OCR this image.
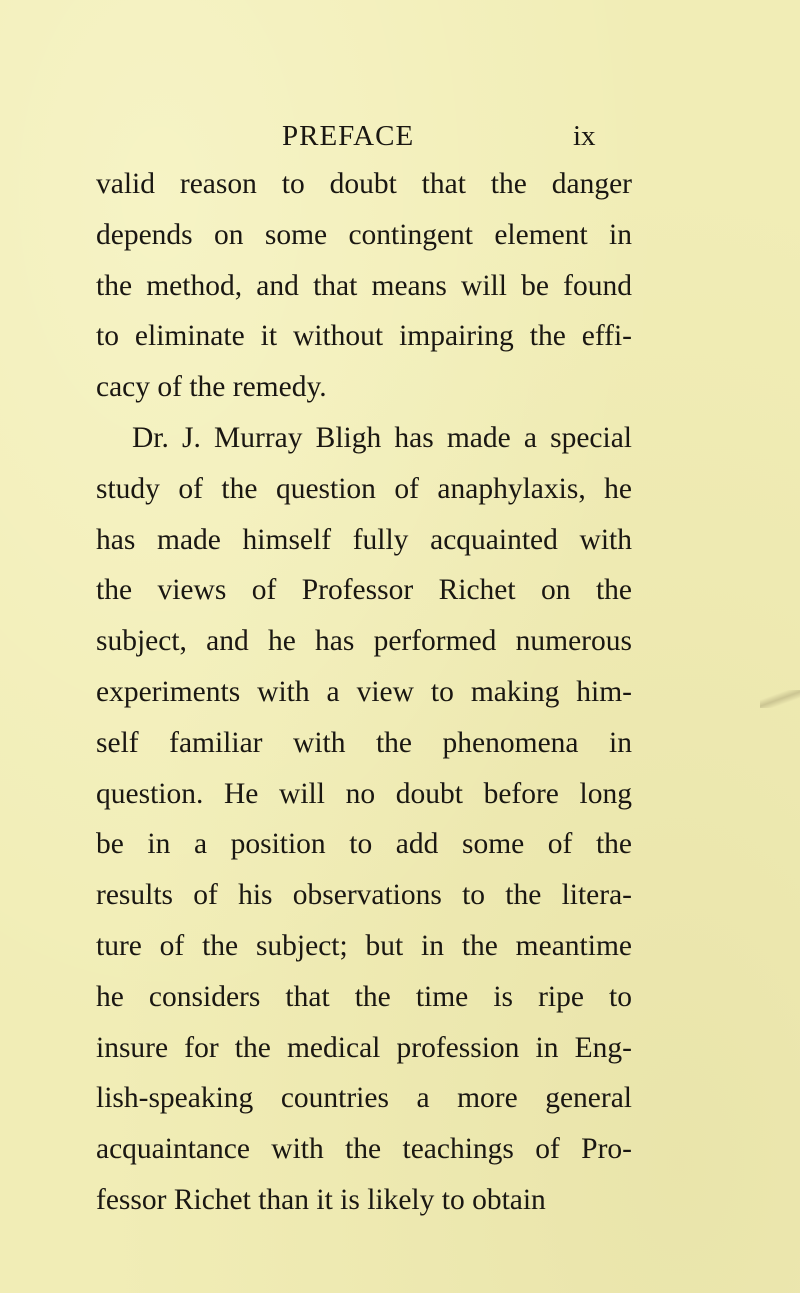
PREFACE	ix
valid reason to doubt that the danger
depends on some contingent element in
the method, and that means will be found
to eliminate it without impairing the effi-
cacy of the remedy.
Dr. J. Murray Bligh has made a special
study of the question of anaphylaxis, he
has made himself fully acquainted with
the views of Professor Richet on the
subject, and he has performed numerous
experiments with a view to making him-
self familiar with the phenomena in
question. He will no doubt before long
be in a position to add some of the
results of his observations to the litera-
ture of the subject; but in the meantime
he considers that the time is ripe to
insure for the medical profession in Eng-
lish-speaking countries a more general
acquaintance with the teachings of Pro-
fessor Richet than it is likely to obtain
